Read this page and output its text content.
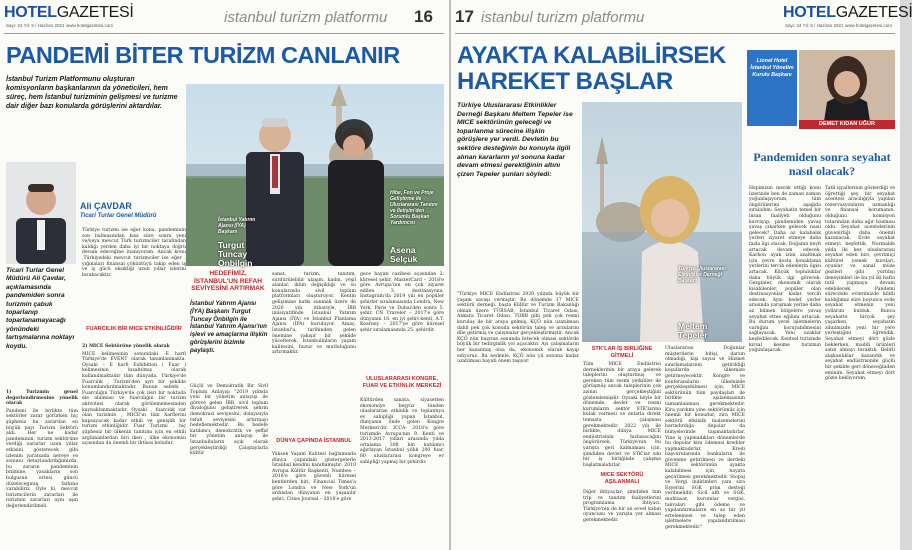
HOTELGAZETESİ
Sayı: 24 Yıl: 5 / Haziran 2021 www.hotelgazetesi.com	istanbul turizm platformu 16
PANDEMİ BİTER TURİZM CANLANIR
İstanbul Turizm Platformunu oluşturan komisyonların başkanlarının da yöneticileri, hem süreç, hem İstanbul turizminin gelişmesi ve turizme dair diğer bazı konularda görüşlerini aktardılar.
İstanbul Yatırım Ajansı (İYA) Başkanı
Turgut Tuncay Önbilgin
Hibe, Fon ve Proje Geliştirme ile Uluslararası Tanıtım ve İletişim'den Sorumlu Başkan Yardımcısı
Asena Selçuk
Ali ÇAVDAR
Ticari Turlar Genel Müdürü
Ticari Turlar Genel Müdürü Ali Çavdar, açıklamasında pandemiden sonra turizmin çabuk toparlanıp toparlanamayacağı yönündeki tartışmalarına noktayı koydu.

1) Turizmin genel değerlendirmesine yönelik olarak

Pandemi ile birlikte tüm sektörler zarar görürken hiç şüphesiz bu zarardan en büyük payı Turizm Sektörü aldı. Her ne kadar pandeminin, turizm sektörüne verdiği zararlar uzun yıllar etkisini gösterecek gibi izlenim yaratsada nereye ve sonunu detaylandırdığımızda, bu zararın pandeminin bitimine, yasakların son bulgusun ertesi güncü düzelecegının farkına varabiliriz. Öyle ki, mevcut turizmcilerin zararları ile turizmin zararları aynı aşın değerlendirilmeli.

Türkiye turizmi ise eğer konu, pandeminin son bulmasından kısa süre sonra yeni ve/veya mevcut Türk turizmciler tarafından kaldığı yerden daha iyi bir noktaya doğru devam edeceğine inanıyorum. Ancak konu ,Türkiyedeki mevcut turizmciler ise eğer , yığınaları finansal çöküntüyü takip eden iş ve iş gücü eksikliği uzun yıllar izlerini bırakacaktır.

FUARCILIK BİR MICE ETKİNLİĞİDİR

2) MICE Sektörüne yönelik olarak

MICE kelimesinin sonundaki -E harfi Türkiye'de EVENT olarak tanımlanmakta. Oysaki – E harfi Exhibition ( Fuar ) kelimesinin kısaltılmış olarak kullanılmaktadır tüm dünyada. Türkiye'de Fuarcılık , Turizm'den ayrı bir şekilde konumlandırılmaktadır. Bunun sebebi , Fuarcılığın Türkiye'de çok ileri bir noktada ele alınması ve fuarcılığın bir turizm aktivitesi olarak görülememesinden kaynaklanmaktadır. Oysaki , fuarcılık var olan turizmin , MICE'ın tüm harflerini kapsayacak kadar etkili ve genişlik bir turizm etkinliğidir. Fuar Turizmi , hiç şüphesiz bir ülkenin tanıtımı için en etkili argümanlardan biri iken , ülke ekonomisi açısından da önemli bir ihtisas koludur.

HEDEFİMİZ, İSTANBUL'UN REFAH SEVİYESİNİ ARTIRMAK
İstanbul Yatırım Ajansı (İYA) Başkanı Turgut Tuncay Önbilgin ile İstanbul Yatırım Ajansı'nın işlevi ve amaçlarına ilişkin görüşlerini bizimle paylaştı.

Güçlü ve Demokratik Bir Sivil Toplum Anlayışı "2019 yılında yeni bir yönetim anlayışı ile göreve gelen İBB, sivil toplum diyaloğunu geliştirerek şehrin demokrasi seviyesini, dolayısıyla refah seviyesini artırmayı hedeflemektedir. Bu hedefe katılımcı, demokratik ve şeffaf bir yönetim anlayışı ile İstanbulluların açık olarak gerçekleştirdiği Çalıştaylarla kültür

sanat, turizm, tanıtım, sürdürülebilir ulaşım, kadın, yeşil alanlar, iklim değişikliği ve su konularında sivil toplum platformları oluşturuyor. Kentin gelişimine katkı sunmak üzere de 2020 yılı itibariyle, İBB iniisiyatifinde İstanbul Yatırım Ajansı (İYA) ve İstanbul Planlama Ajansı (İPA) kuruluyor. Amaç, İstanbul'u, tarihinden gelen önemine yakışır bir şekilde yücelterek, İstanbulluların yaşam kalitesini, huzur ve mutluluğunu artırmaktır.

DÜNYA ÇAPINDA İSTANBUL

Yüksek Yaşam Kalitesi bağlamında dünya çapındaki göstergelerle İstanbul kendini kanıtlamıştır: 2010 Avrupa Kültür Başkenti, Numbeo – 2018'e göre güvenli küresel kentlerden biri, Financial Times'a göre Londra ve New York'un ardından dünyanın en yaşanılır şehri, Cities Journal – 2018'e göre

gece hayatı cazibesi açısından 2. küresel şehir, MasterCard – 2018'e göre Avrupa'nın en çok ziyaret edilen 3. destinasyonu, Instagram'da 2019 yılı en popüler şehirler sıralamasında Londra, New York, Paris ve Dubai'den sonra 5. şehir, CN Traveler – 2017'e göre dünyanın 16. en iyi şehri kenti, A.T. Kearney – 2017'ye göre küresel şehir sıralamasında 25. şehirdir.

ULUSLARARASI KONGRE, FUAR VE ETKİNLİK MERKEZİ

Kültürden sanata, siyasetten ekonomiye beşyüz binden uluslararası etkinlik ve toplantıya ev sahipliği yapan İstanbul, dünyanın önde gelen Kongre Merkezi'dir. ICCA- 2018'e göre turizmde Avrupa'nın 9. Kenti ve 2013-2017 yılları arasında yılda ortalama 308 bin katılımcı ağırlayan İstanbul yıllık 200 fuar, 80 uluslararası kongreye ev sahipliği yapmış bir şehirdir.

17 istanbul turizm platformu	HOTELGAZETESİ
Sayı: 24 Yıl: 5 / Haziran 2021 www.hotelgazetesi.com
AYAKTA KALABİLİRSEK
HAREKET BAŞLAR
Türkiye Uluslararası Etkinlikler Derneği Başkanı Meltem Tepeler ise MICE sektörünün geleceği ve toparlanma sürecine ilişkin görüşlere yer verdi. Devletin bu sektöre desteğinin bu konuyla ilgili alınan kararların yıl sonuna kadar devam etmesi gerektiğinin altını çizen Tepeler şunları söyledi:
Türkiye Uluslararası Etkinlikler Derneği Başkanı
Meltem Tepeler

"Türkiye MICE Endüstrisi 2020 yılında büyük bir yaşam savaşı vermiştir. Bu dönemde 17 MICE sektörü derneği, başta Kültür ve Turizm Bakanlığı olmak üzere TÜRSAB, İstanbul Ticaret Odası, Ankara Ticaret Odası, TOBB gibi pek çok resmi kuruluş ile bir araya gelmiş, KÇÖ nün uzatılması dahil pek çok konuda sektörün talep ve arzularını dile getirmiş ve çalışmalar gerçekleştirmiştir. Ancak KÇÖ nün hazıran sonunda bitecek olması sektörde büyük bir tedirginlik yol açacaktır. Ayı çalışmaların her kazanmış olsa da, ekonomik olarak kayıp ediyoruz. Bu nedenle, KÇÖ nün yıl sonuna kadar uzatılması hayati önem taşıyor.

STK'LAR İŞ BİRLİĞİNE GİTMELİ

Tüm MICE Endüstrisi derneklerinin bir araya gelerek taleplerini oluşturmuş ve gereken tüm resmi yetkililer ile görüşmüş ancak taleplerinin çok azının gerçekleştiğini gözlemlemişdir. Oysaki böyle bir dönemde, devlet ve resmi kurumların sektör STK'larına kulak vermesi ve onlarla direkt temasta çalışması gerekmektedir. 2022 yılı ile birlikte, dünya MICE endüstrisinin hızlanacağını öngörürsek, Türkiye'nin bu yarışta geri kalmaması için, şimdiden devlet ve STK'lar sıkı bir iş birliğinde çalışma başlatmalıdırlar.

MICE SEKTÖRÜ AŞILANMALI

Diğer ihtiyaçlar; şimdiden fam trip ve tanıtım faaliyetlerini programlama ihtiyacı. Türkiye'nin de bir an evvel kabın oyuncusu ve yarışta yer alması gerekmektedir.

Uluslararası Doğunlar müşterilerin bitişi, darsın olmadığı, kişi sayısı ve Hizmet sınırlamalarının getirildiği koşullarda ülkemize getirmeyecektir. Kongre ve konferansların ülkemizde gerçekleşebilmesi için, MICE sektörünün tüm paydaşları ile birlikte aşılanmasının tamamlanması gerekmektedir. Kira yardımı yine sektörümüz için önemli bir konudur, zira MICE sektörü etkinlik malzemelerini barındırdığa depolar da bünyelerinde taşımaktadırlar. Yine iş yapmadıkları dönemlerde bu depolar kira ödemesi krediler yapmaktadırlar. Kredi başvurularında bankaların ile güvenme getirilmesi ve ilerdeki MICE sektörünün ayakta kalabilmesi için, hayata geçirilmesi gerekmektedir. Stopaj ve Vergi indirimleri yanı sıra Eşyerini SGK prim desteği verilmelidir. Sicil affı ve SGK, muhtasar, kurumlar vergisi, takvaları gibi ödeme ve yapılandırmaların en az bir yıl ertelenmesi ve talep eden işletmelere yapılandırılması gerekmektedir."

Lionel Hotel İstanbul Yönetim Kurulu Başkanı
DEMET KIDAN UĞUR
Pandemiden sonra seyahat nasıl olacak?

Hepimizin merak ettiği konu üzerinde ben de zaman zaman yoğunlaşıyorum, tüm öngörülerimi aşağıda sıraladım: Seyahatin temel bir insan faaliyeti olduğunu kavrayıp, pandemiden yavaş yavaş çıkarken gelecek nasıl gelecek? Daha az kalabalık yerleri ziyaret etmeye daha fazla ilgi olacak. Doğanın keyfi artacak devam edecek. Karbon ayak izini azaltmak için çevre dostu konaklama yerlerini tercih edenlerin ilgisi artacak. Küçük topluluklar daha büyük ilgi görecek. Gezginler, ekonomik olarak kısabilenler, popüler olan destinasyonlar kadar tercih edecek. Aynı hedef yerler arasında yarışmak yerine daha az bilinen bölgelere yavaş seyahat etme eğilimi artacak. Bu durum yerel işletmelerin varlığını koruyabilmesini sağlayacak. Yeni uzaklar keşfedilecek. Kentsel turizmde kırsal kesime turizmin yoğunlaşacak.

Tatil işyallerinin gösterdiği ve öğrettiği şey, bir seyahat acentesi aracılığıyla yapılan rezervasyonların uzmanlığı ve finansal korumanın, olduğunu komisyon tutarından daha ağır basması oldu. Seyahat acentelerinin güvenirliği daha önemli kazanacak. Evde seyahat etmeyi keşfettik. Normalde yılda iki kez uluslararası seyahat eden biri, çevrimiçi kültürel yemek kursları, oyunlar ve sanal müze gezileri gibi yurtdışı deneyimleri ile bu yıl iki hafta tatil yapmaya devam edebilecek. Pandemi sürecinde evlerimizde kilitli kaldığımız süre boyunca evde seyahat etmenin yeni yollarını bulduk. Bunca seyahatte birçok şey yaşarken, seyahatin zihnimizde yeni bir yere yerleştiğini öğrendik. Seyahat etmeyi dört gözle beklerken, maddi ürünleri satın almayı bıraktık. Belirli alışkanlıklar kazandık ve seyahat endüstrisinde güçlü bir şekilde geri döneceğinden eminim. Seyahat etmeyi dört gözle bekliyorum.
